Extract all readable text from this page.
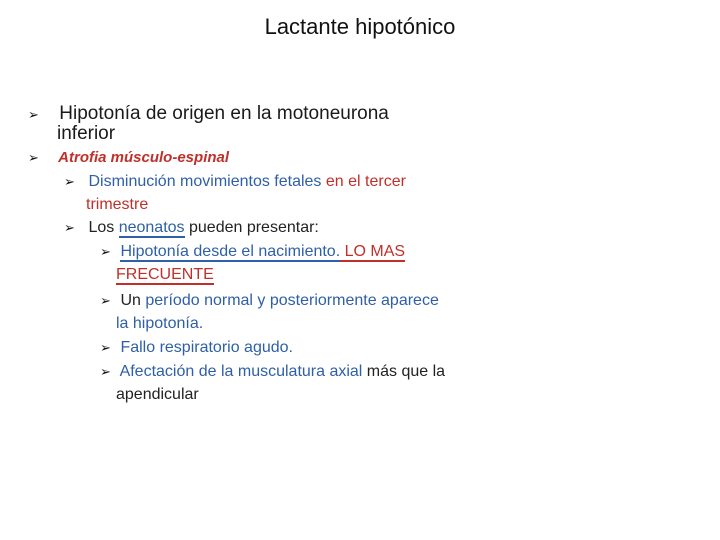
Lactante hipotónico
➢ Hipotonía de origen en la motoneurona
inferior
➢ Atrofia músculo-espinal
➢ Disminución movimientos fetales en el tercer
trimestre
➢ Los neonatos pueden presentar:
➢ Hipotonía desde el nacimiento. LO MAS
FRECUENTE
➢ Un período normal y posteriormente aparece
la hipotonía.
➢ Fallo respiratorio agudo.
➢ Afectación de la musculatura axial más que la
apendicular
